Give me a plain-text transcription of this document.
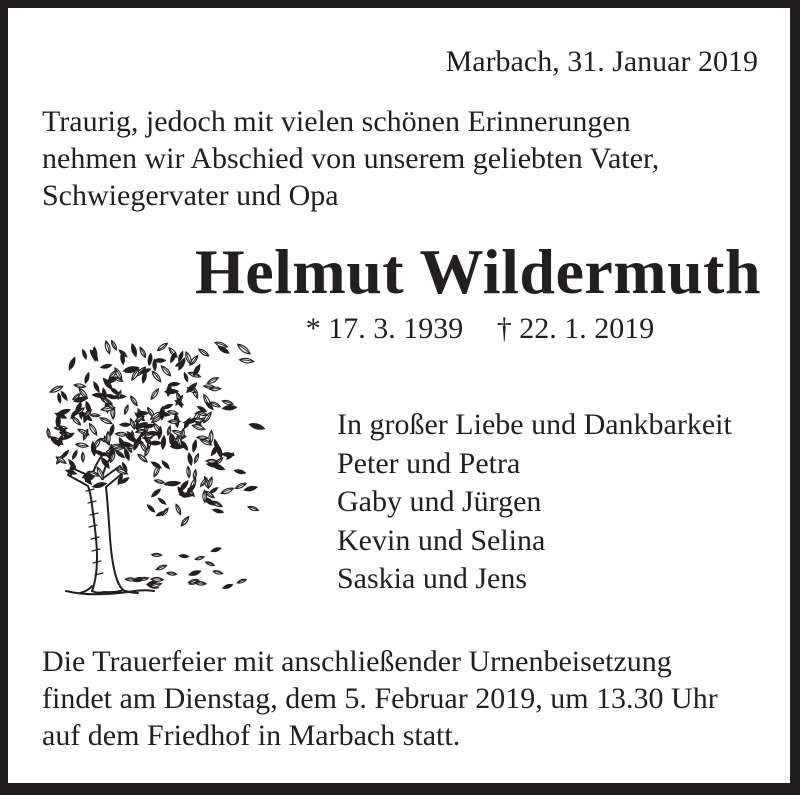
Marbach, 31. Januar 2019
Traurig, jedoch mit vielen schönen Erinnerungen
nehmen wir Abschied von unserem geliebten Vater,
Schwiegervater und Opa
Helmut Wildermuth
* 17. 3. 1939 † 22. 1. 2019
In großer Liebe und Dankbarkeit
Peter und Petra
Gaby und Jürgen
Kevin und Selina
Saskia und Jens
Die Trauerfeier mit anschließender Urnenbeisetzung
findet am Dienstag, dem 5. Februar 2019, um 13.30 Uhr
auf dem Friedhof in Marbach statt.
